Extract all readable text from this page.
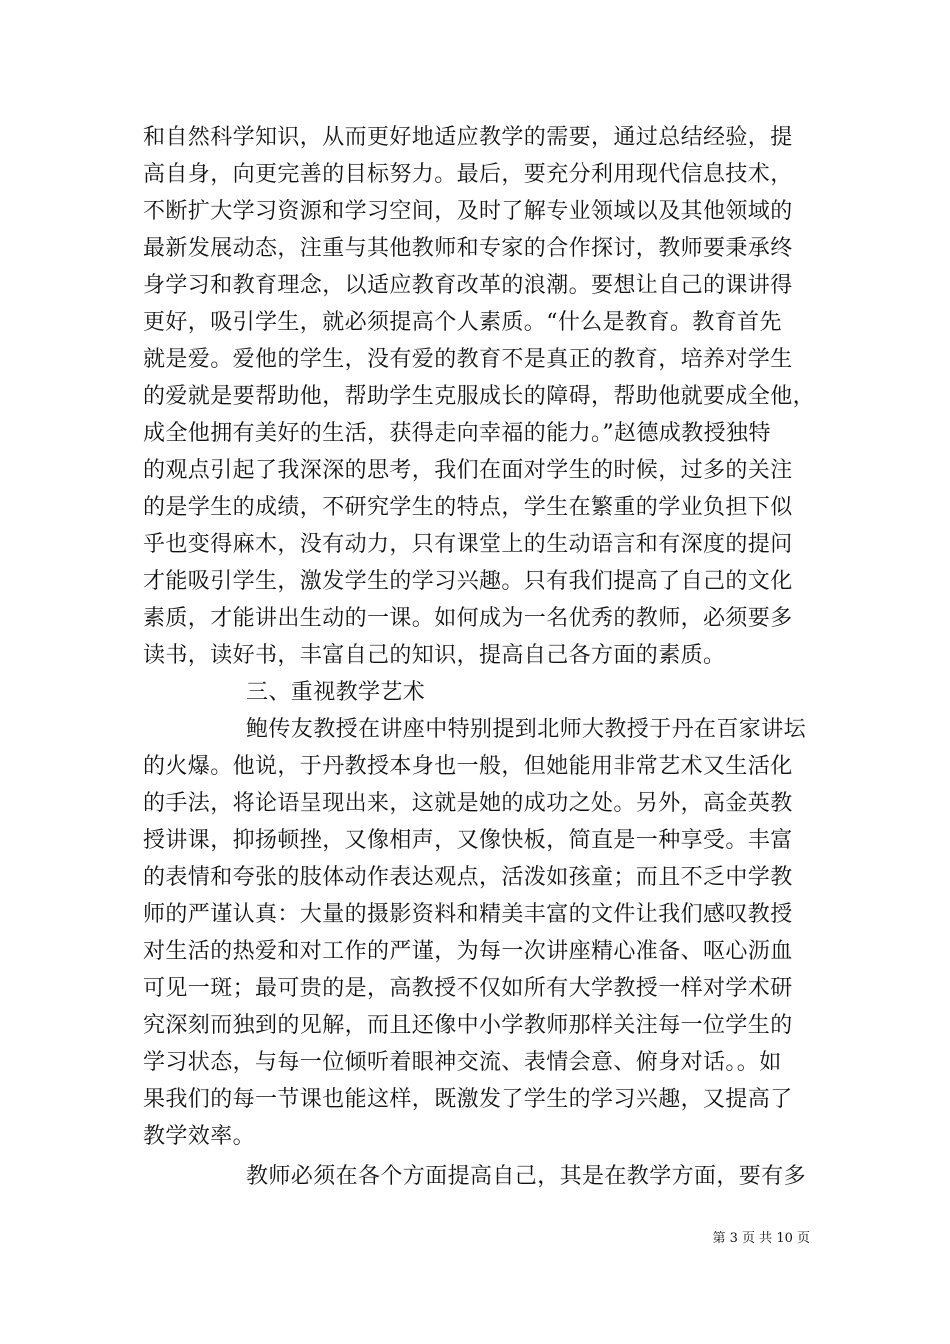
和自然科学知识，从而更好地适应教学的需要，通过总结经验，提
高自身，向更完善的目标努力。最后，要充分利用现代信息技术，
不断扩大学习资源和学习空间，及时了解专业领域以及其他领域的
最新发展动态，注重与其他教师和专家的合作探讨，教师要秉承终
身学习和教育理念，以适应教育改革的浪潮。要想让自己的课讲得
更好，吸引学生，就必须提高个人素质。“什么是教育。教育首先
就是爱。爱他的学生，没有爱的教育不是真正的教育，培养对学生
的爱就是要帮助他，帮助学生克服成长的障碍，帮助他就要成全他，
成全他拥有美好的生活，获得走向幸福的能力。”赵德成教授独特
的观点引起了我深深的思考，我们在面对学生的时候，过多的关注
的是学生的成绩，不研究学生的特点，学生在繁重的学业负担下似
乎也变得麻木，没有动力，只有课堂上的生动语言和有深度的提问
才能吸引学生，激发学生的学习兴趣。只有我们提高了自己的文化
素质，才能讲出生动的一课。如何成为一名优秀的教师，必须要多
读书，读好书，丰富自己的知识，提高自己各方面的素质。
三、重视教学艺术
鲍传友教授在讲座中特别提到北师大教授于丹在百家讲坛
的火爆。他说，于丹教授本身也一般，但她能用非常艺术又生活化
的手法，将论语呈现出来，这就是她的成功之处。另外，高金英教
授讲课，抑扬顿挫，又像相声，又像快板，简直是一种享受。丰富
的表情和夸张的肢体动作表达观点，活泼如孩童；而且不乏中学教
师的严谨认真：大量的摄影资料和精美丰富的文件让我们感叹教授
对生活的热爱和对工作的严谨，为每一次讲座精心准备、呕心沥血
可见一斑；最可贵的是，高教授不仅如所有大学教授一样对学术研
究深刻而独到的见解，而且还像中小学教师那样关注每一位学生的
学习状态，与每一位倾听着眼神交流、表情会意、俯身对话。。如
果我们的每一节课也能这样，既激发了学生的学习兴趣，又提高了
教学效率。
教师必须在各个方面提高自己，其是在教学方面，要有多
第 3 页 共 10 页
